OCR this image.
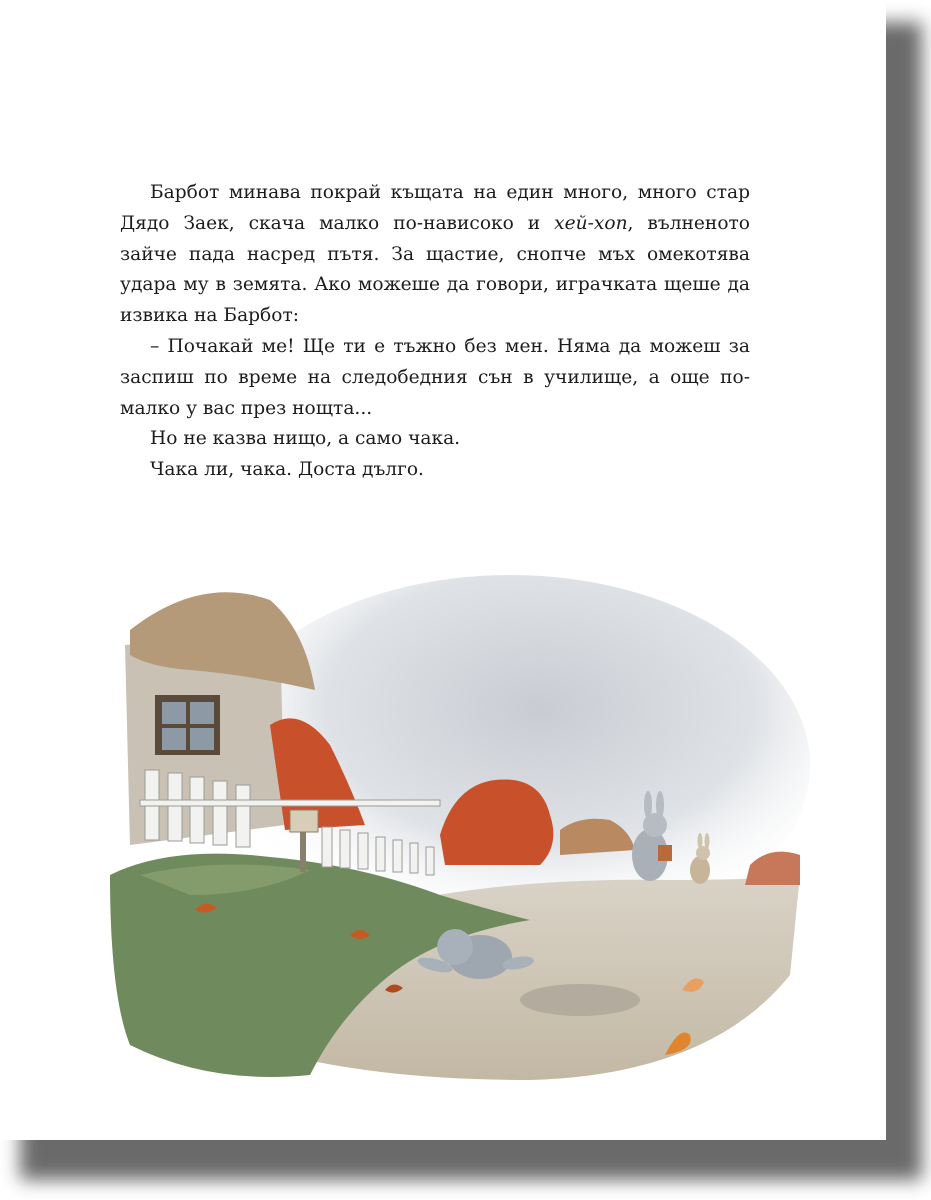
Барбот минава покрай къщата на един много, много стар Дядо Заек, скача малко по-нависоко и хей-хоп, вълненото зайче пада насред пътя. За щастие, снопче мъх омекотява удара му в земята. Ако можеше да говори, играчката щеше да извика на Барбот:

– Почакай ме! Ще ти е тъжно без мен. Няма да можеш за заспиш по време на следобедния сън в училище, а още по-малко у вас през нощта...

Но не казва нищо, а само чака.

Чака ли, чака. Доста дълго.
